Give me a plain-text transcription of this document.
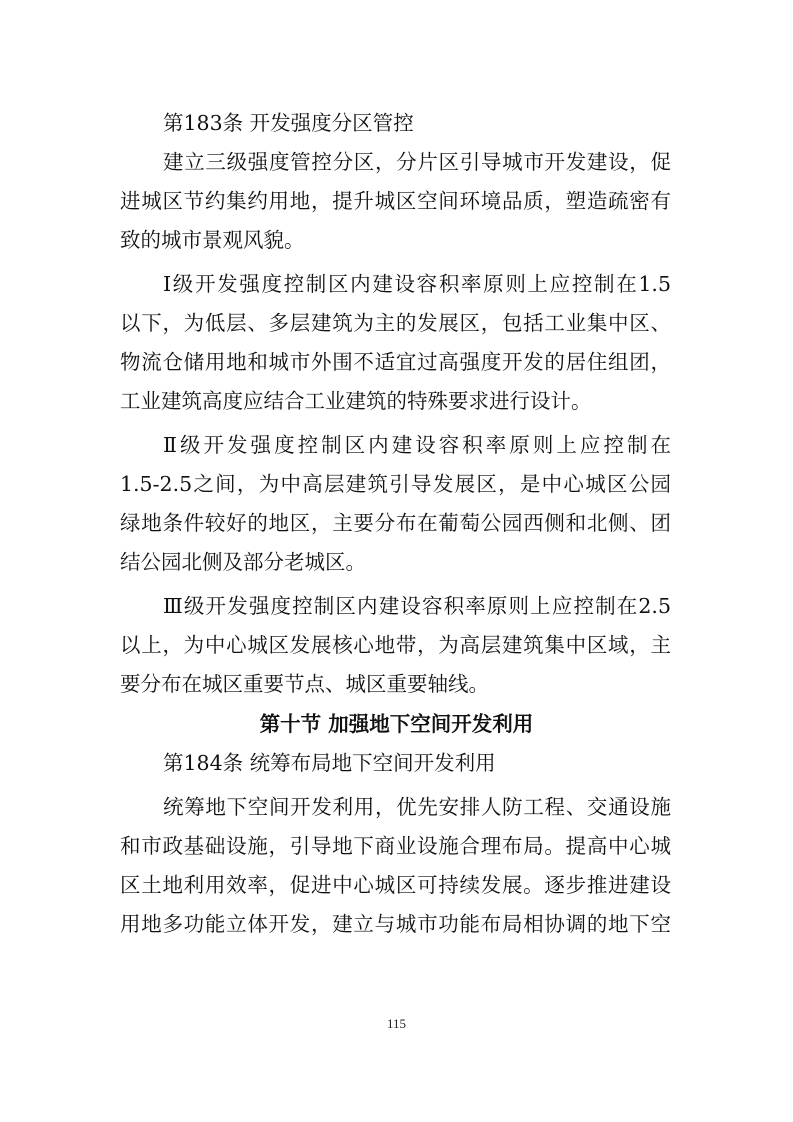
第183条 开发强度分区管控
建立三级强度管控分区，分片区引导城市开发建设，促
进城区节约集约用地，提升城区空间环境品质，塑造疏密有
致的城市景观风貌。
Ⅰ级开发强度控制区内建设容积率原则上应控制在1.5
以下，为低层、多层建筑为主的发展区，包括工业集中区、
物流仓储用地和城市外围不适宜过高强度开发的居住组团，
工业建筑高度应结合工业建筑的特殊要求进行设计。
Ⅱ级开发强度控制区内建设容积率原则上应控制在
1.5-2.5之间，为中高层建筑引导发展区，是中心城区公园
绿地条件较好的地区，主要分布在葡萄公园西侧和北侧、团
结公园北侧及部分老城区。
Ⅲ级开发强度控制区内建设容积率原则上应控制在2.5
以上，为中心城区发展核心地带，为高层建筑集中区域，主
要分布在城区重要节点、城区重要轴线。
第十节 加强地下空间开发利用
第184条 统筹布局地下空间开发利用
统筹地下空间开发利用，优先安排人防工程、交通设施
和市政基础设施，引导地下商业设施合理布局。提高中心城
区土地利用效率，促进中心城区可持续发展。逐步推进建设
用地多功能立体开发，建立与城市功能布局相协调的地下空
115
